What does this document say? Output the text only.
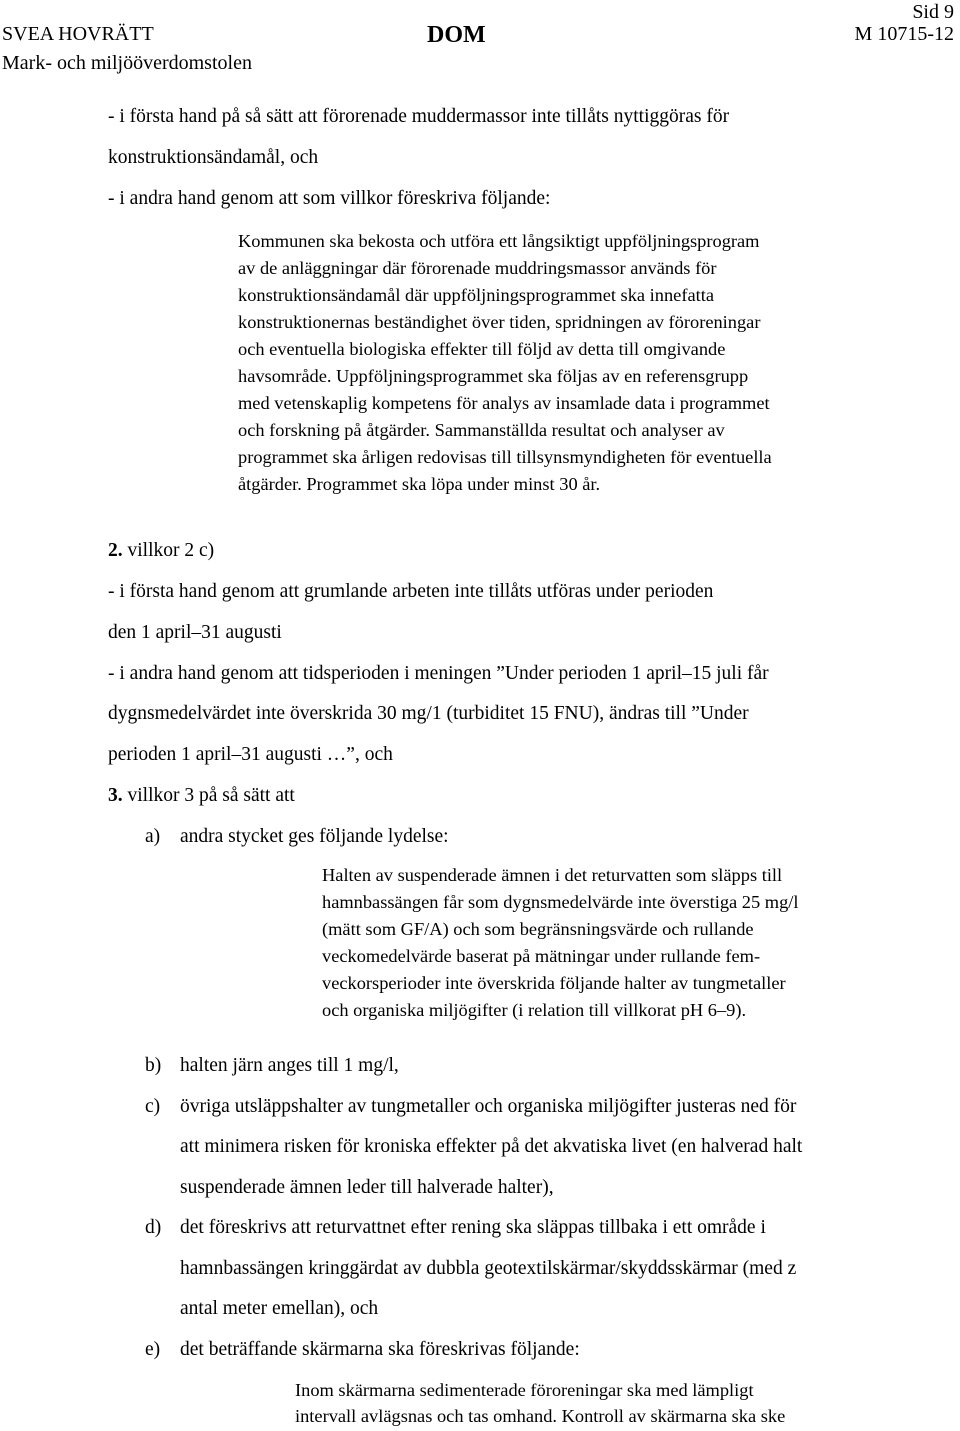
SVEA HOVRÄTT
Mark- och miljööverdomstolen
DOM
Sid 9
M 10715-12
- i första hand på så sätt att förorenade muddermassor inte tillåts nyttiggöras för
konstruktionsändamål, och
- i andra hand genom att som villkor föreskriva följande:
Kommunen ska bekosta och utföra ett långsiktigt uppföljningsprogram
av de anläggningar där förorenade muddringsmassor används för
konstruktionsändamål där uppföljningsprogrammet ska innefatta
konstruktionernas beständighet över tiden, spridningen av föroreningar
och eventuella biologiska effekter till följd av detta till omgivande
havsområde. Uppföljningsprogrammet ska följas av en referensgrupp
med vetenskaplig kompetens för analys av insamlade data i programmet
och forskning på åtgärder. Sammanställda resultat och analyser av
programmet ska årligen redovisas till tillsynsmyndigheten för eventuella
åtgärder. Programmet ska löpa under minst 30 år.
2. villkor 2 c)
- i första hand genom att grumlande arbeten inte tillåts utföras under perioden
den 1 april–31 augusti
- i andra hand genom att tidsperioden i meningen ”Under perioden 1 april–15 juli får
dygnsmedelvärdet inte överskrida 30 mg/1 (turbiditet 15 FNU), ändras till ”Under
perioden 1 april–31 augusti …”, och
3. villkor 3 på så sätt att
a) andra stycket ges följande lydelse:
Halten av suspenderade ämnen i det returvatten som släpps till
hamnbassängen får som dygnsmedelvärde inte överstiga 25 mg/l
(mätt som GF/A) och som begränsningsvärde och rullande
veckomedelvärde baserat på mätningar under rullande fem-
veckorsperioder inte överskrida följande halter av tungmetaller
och organiska miljögifter (i relation till villkorat pH 6–9).
b) halten järn anges till 1 mg/l,
c) övriga utsläppshalter av tungmetaller och organiska miljögifter justeras ned för
att minimera risken för kroniska effekter på det akvatiska livet (en halverad halt
suspenderade ämnen leder till halverade halter),
d) det föreskrivs att returvattnet efter rening ska släppas tillbaka i ett område i
hamnbassängen kringgärdat av dubbla geotextilskärmar/skyddsskärmar (med z
antal meter emellan), och
e) det beträffande skärmarna ska föreskrivas följande:
Inom skärmarna sedimenterade föroreningar ska med lämpligt
intervall avlägsnas och tas omhand. Kontroll av skärmarna ska ske
